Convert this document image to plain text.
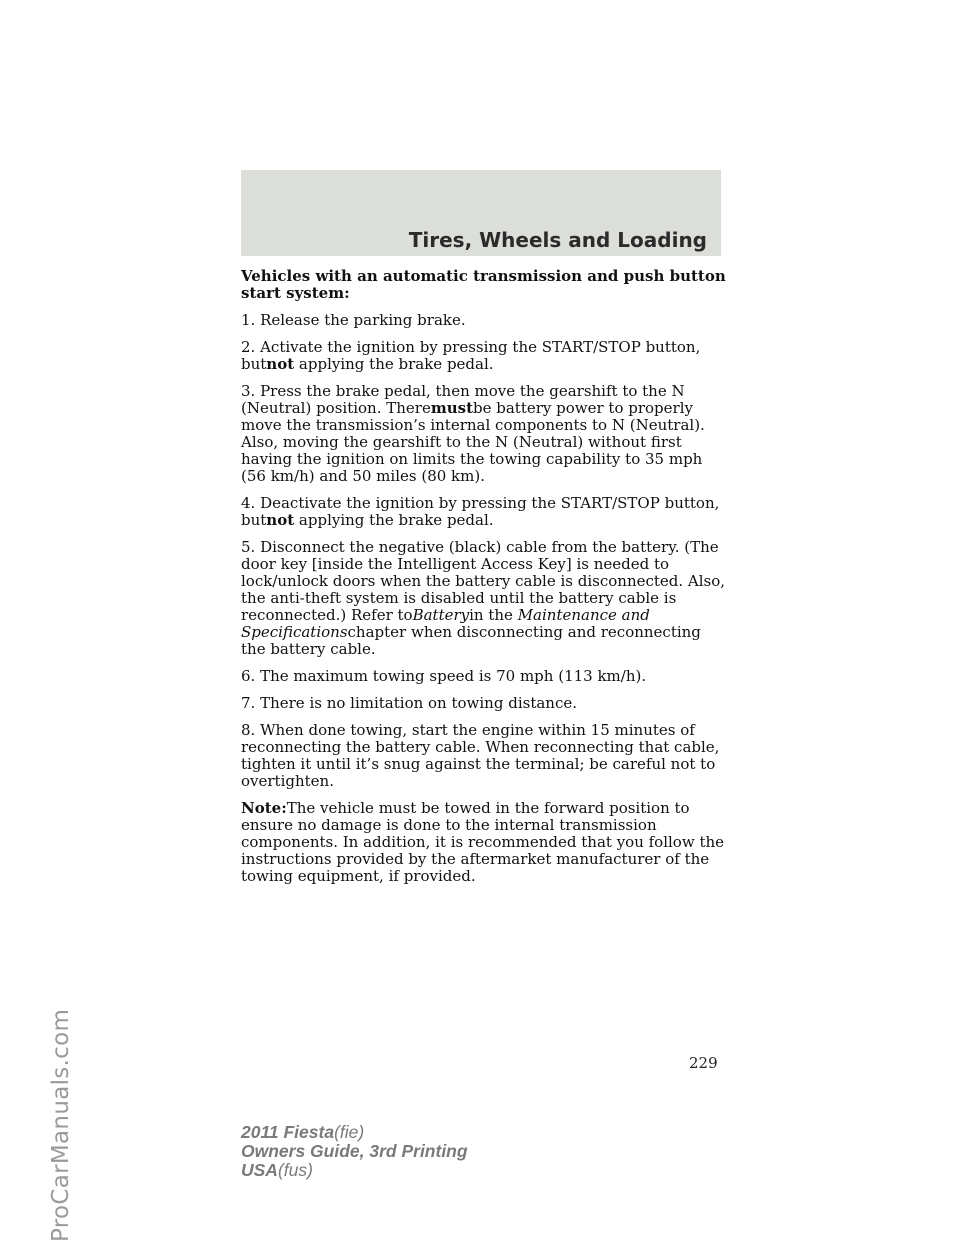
Tires, Wheels and Loading

Vehicles with an automatic transmission and push button start system:

1. Release the parking brake.

2. Activate the ignition by pressing the START/STOP button, butnot applying the brake pedal.

3. Press the brake pedal, then move the gearshift to the N (Neutral) position. Theremustbe battery power to properly move the transmission’s internal components to N (Neutral). Also, moving the gearshift to the N (Neutral) without first having the ignition on limits the towing capability to 35 mph (56 km/h) and 50 miles (80 km).

4. Deactivate the ignition by pressing the START/STOP button, butnot applying the brake pedal.

5. Disconnect the negative (black) cable from the battery. (The door key [inside the Intelligent Access Key] is needed to lock/unlock doors when the battery cable is disconnected. Also, the anti-theft system is disabled until the battery cable is reconnected.) Refer toBatteryin the Maintenance and Specificationschapter when disconnecting and reconnecting the battery cable.

6. The maximum towing speed is 70 mph (113 km/h).

7. There is no limitation on towing distance.

8. When done towing, start the engine within 15 minutes of reconnecting the battery cable. When reconnecting that cable, tighten it until it’s snug against the terminal; be careful not to overtighten.

Note:The vehicle must be towed in the forward position to ensure no damage is done to the internal transmission components. In addition, it is recommended that you follow the instructions provided by the aftermarket manufacturer of the towing equipment, if provided.

229
2011 Fiesta(fie)
Owners Guide, 3rd Printing
USA(fus)
ProCarManuals.com
